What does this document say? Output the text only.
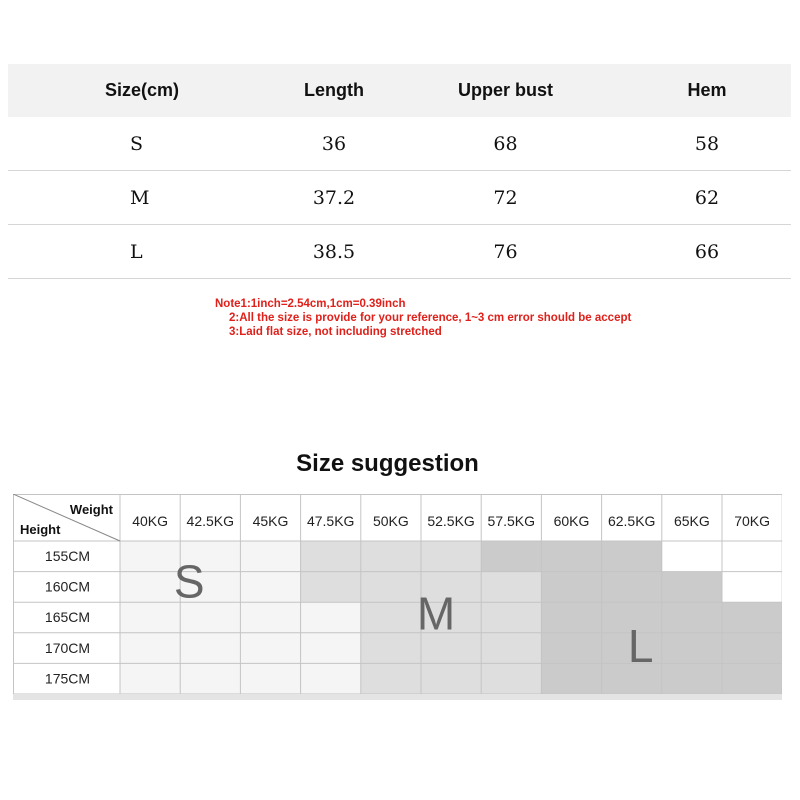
Size(cm)	Length	Upper bust	Hem
S	36	68	58
M	37.2	72	62
L	38.5	76	66
Note1:1inch=2.54cm,1cm=0.39inch
2:All the size is provide for your reference, 1~3 cm error should be accept
3:Laid flat size, not including stretched
Size suggestion
Weight
Height
40KG 42.5KG 45KG 47.5KG 50KG 52.5KG 57.5KG 60KG 62.5KG 65KG 70KG
155CM
160CM
165CM
170CM
175CM
S
M
L
